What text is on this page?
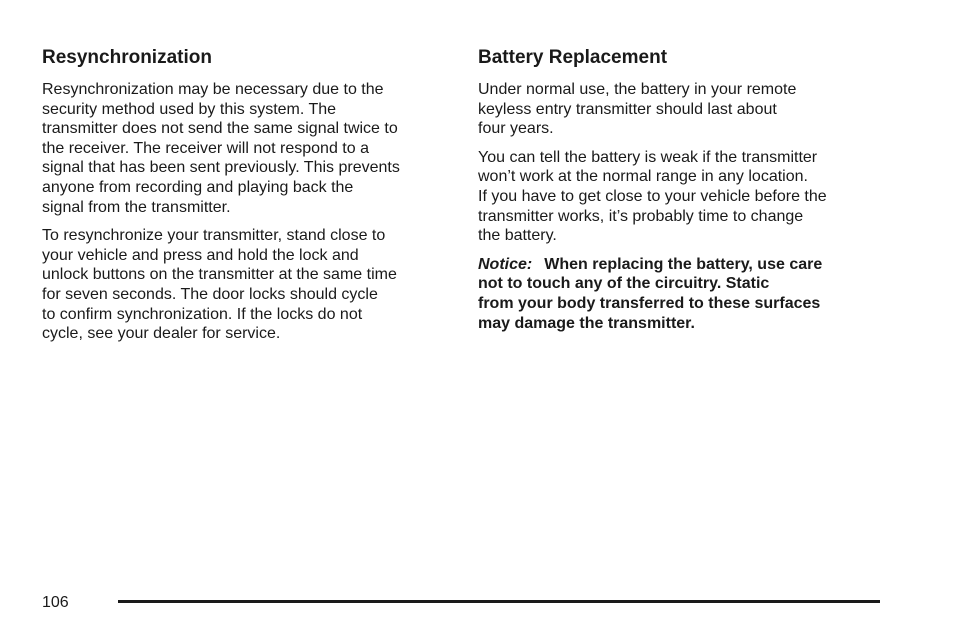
Resynchronization

Resynchronization may be necessary due to the
security method used by this system. The
transmitter does not send the same signal twice to
the receiver. The receiver will not respond to a
signal that has been sent previously. This prevents
anyone from recording and playing back the
signal from the transmitter.

To resynchronize your transmitter, stand close to
your vehicle and press and hold the lock and
unlock buttons on the transmitter at the same time
for seven seconds. The door locks should cycle
to confirm synchronization. If the locks do not
cycle, see your dealer for service.

Battery Replacement

Under normal use, the battery in your remote
keyless entry transmitter should last about
four years.

You can tell the battery is weak if the transmitter
won’t work at the normal range in any location.
If you have to get close to your vehicle before the
transmitter works, it’s probably time to change
the battery.

Notice: When replacing the battery, use care
not to touch any of the circuitry. Static
from your body transferred to these surfaces
may damage the transmitter.

106
